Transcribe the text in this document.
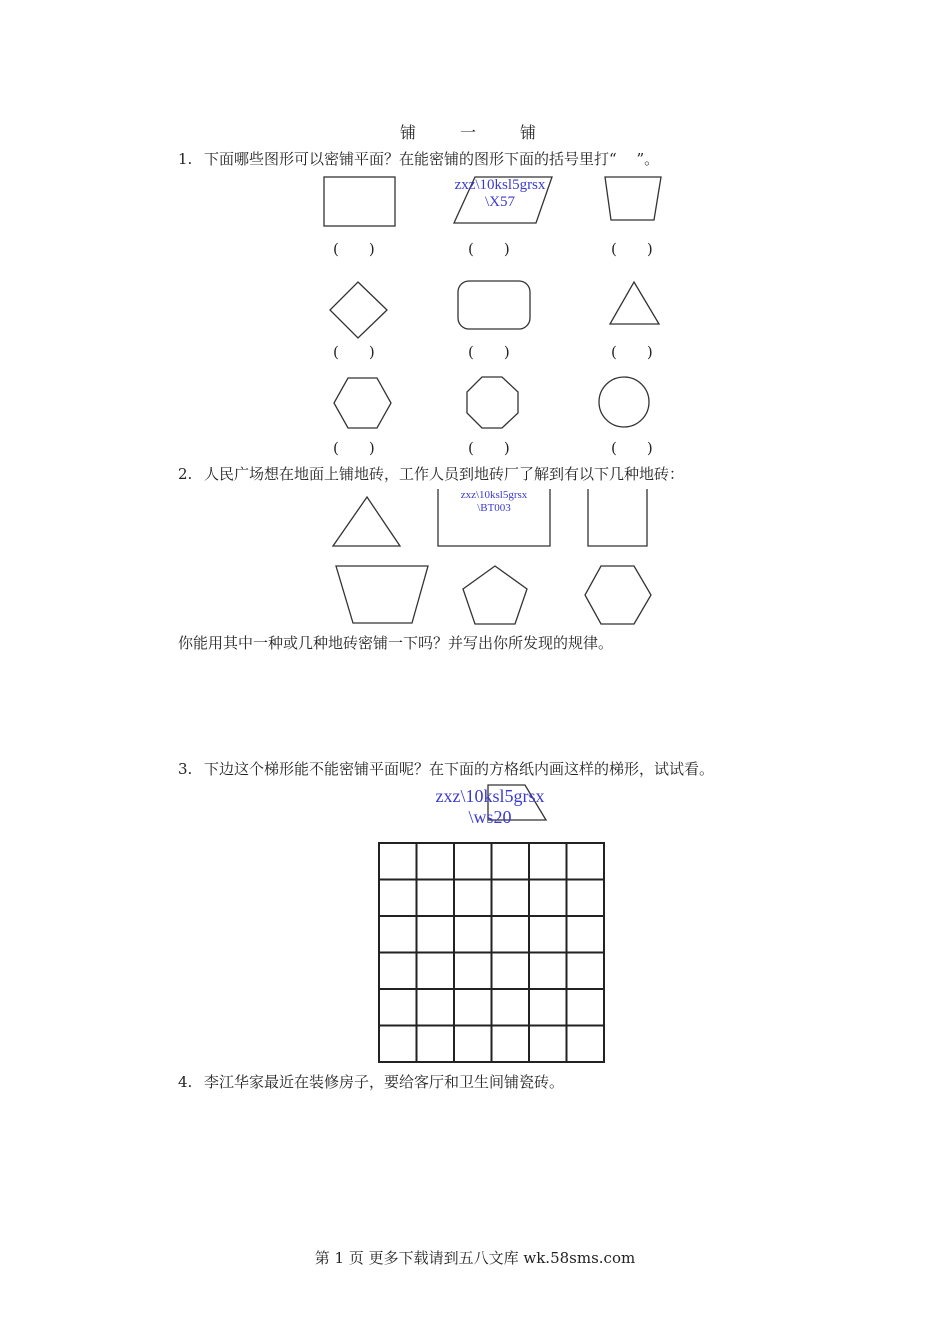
铺　一　铺
1. 下面哪些图形可以密铺平面？在能密铺的图形下面的括号里打“　 ”。
zxz\10ksl5grsx
\X57
(　　)	(　　)	(　　)
(　　)	(　　)	(　　)
(　　)	(　　)	(　　)
2. 人民广场想在地面上铺地砖，工作人员到地砖厂了解到有以下几种地砖：
zxz\10ksl5grsx
\BT003
你能用其中一种或几种地砖密铺一下吗？并写出你所发现的规律。
3. 下边这个梯形能不能密铺平面呢？在下面的方格纸内画这样的梯形，试试看。
zxz\10ksl5grsx
\ws20
4. 李江华家最近在装修房子，要给客厅和卫生间铺瓷砖。
第 1 页 更多下载请到五八文库 wk.58sms.com
